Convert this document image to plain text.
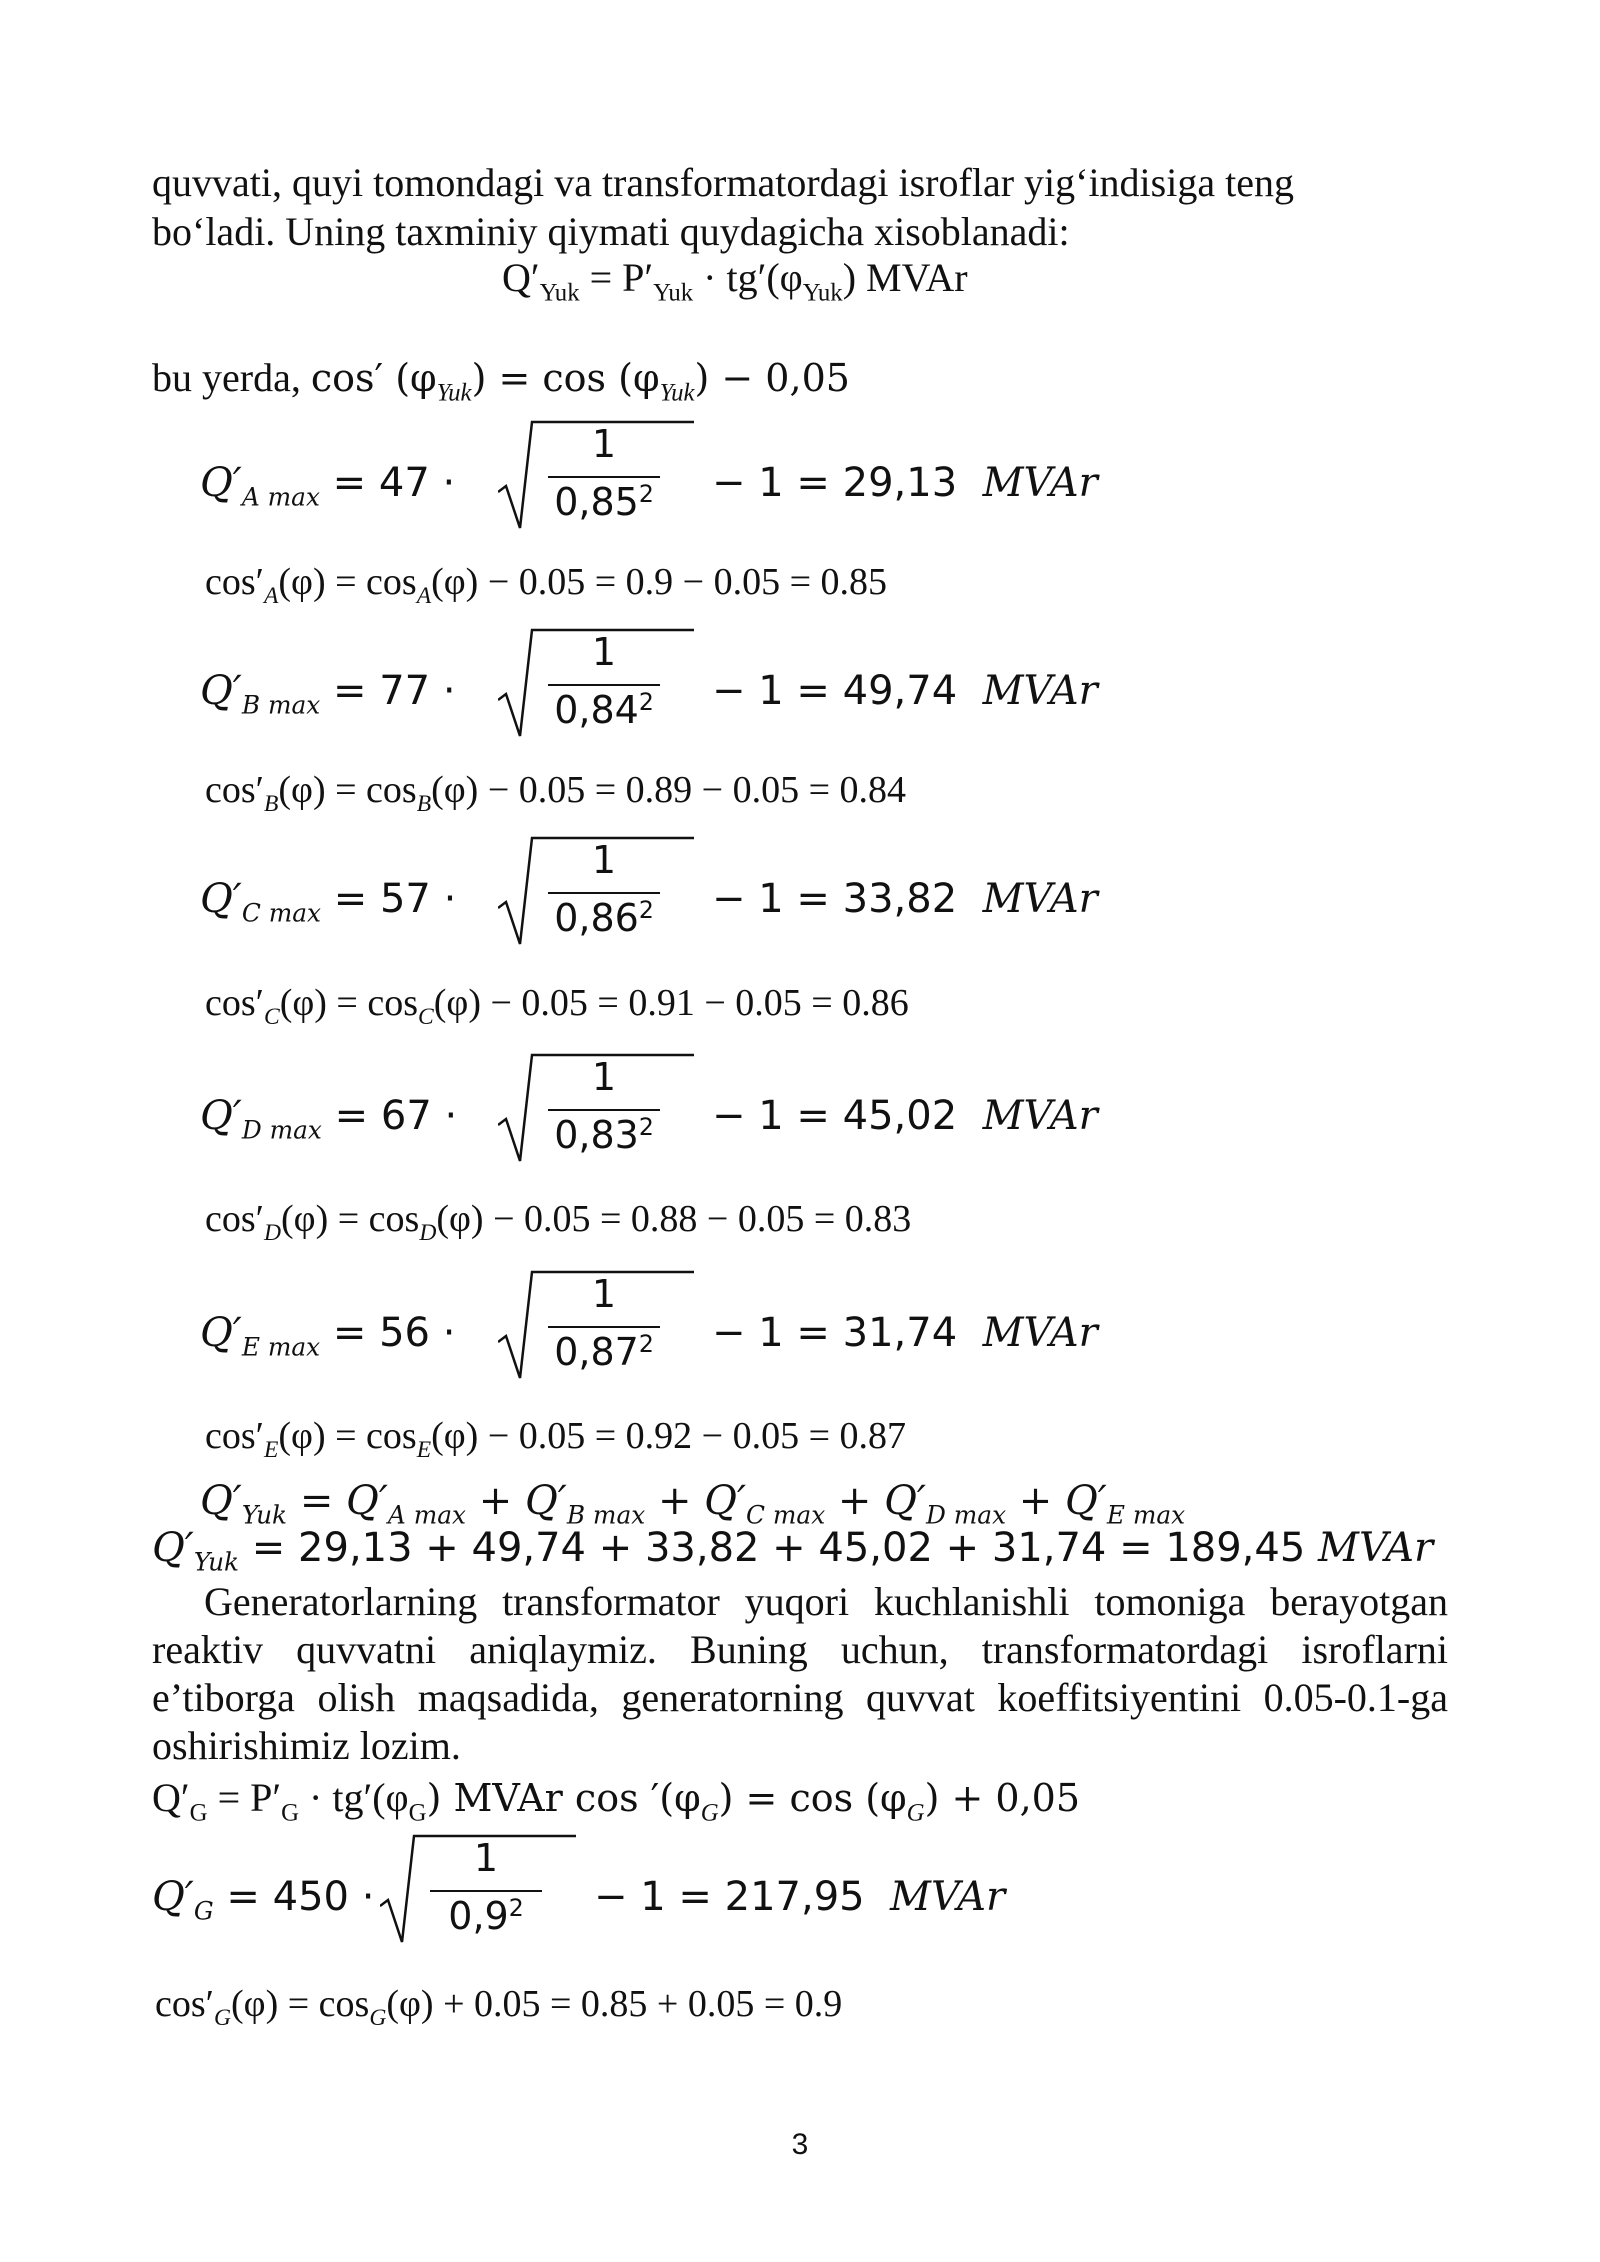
quvvati, quyi tomondagi va transformatordagi isroflar yig‘indisiga teng
bo‘ladi. Uning taxminiy qiymati quydagicha xisoblanadi:
$Q'_{Yuk} = P'_{Yuk} \cdot tg'(\varphi_{Yuk})$ MVAr
bu yerda, cos′ $(\varphi_{Yuk}) = \cos (\varphi_{Yuk}) - 0,05$
$Q'_{A max} = 47$ ·
1
$0,85^2 - 1 = 29,13$ MVAr
$\cos'_A(\varphi) = \cos_A(\varphi) - 0.05 = 0.9 - 0.05 = 0.85$
$Q'_{B max} = 77$ ·
1
$0,84^2 - 1 = 49,74$ MVAr
$\cos'_B(\varphi) = \cos_B(\varphi) - 0.05 = 0.89 - 0.05 = 0.84$
$Q'_{C max} = 57$ ·
1
$0,86^2 - 1 = 33,82$ MVAr
$\cos'_C(\varphi) = \cos_C(\varphi) - 0.05 = 0.91 - 0.05 = 0.86$
$Q'_{D max} = 67$ ·
1
$0,83^2 - 1 = 45,02$ MVAr
$\cos'_D(\varphi) = \cos_D(\varphi) - 0.05 = 0.88 - 0.05 = 0.83$
$Q'_{E max} = 56$ ·
1
$0,87^2 - 1 = 31,74$ MVAr
$\cos'_E(\varphi) = \cos_E(\varphi) - 0.05 = 0.92 - 0.05 = 0.87$
$Q'_{Yuk} = Q'_{A max} + Q'_{B max} + Q'_{C max} + Q'_{D max} + Q'_{E max}$
$Q'_{Yuk} = 29,13 + 49,74 + 33,82 + 45,02 + 31,74 = 189,45$ MVAr
Generatorlarning transformator yuqori kuchlanishli tomoniga berayotgan reaktiv quvvatni aniqlaymiz. Buning uchun, transformatordagi isroflarni e’tiborga olish maqsadida, generatorning quvvat koeffitsiyentini 0.05-0.1-ga oshirishimiz lozim.
$Q'_G = P'_G \cdot tg'(\varphi_G)$ MVAr $\cos '(\varphi_G) = \cos (\varphi_G) + 0,05$
$Q'_G = 450$ ·
1
$0,9^2$	− 1 = 217,95 MVAr
$\cos'_G(\varphi) = \cos_G(\varphi) + 0.05 = 0.85 + 0.05 = 0.9$
3
